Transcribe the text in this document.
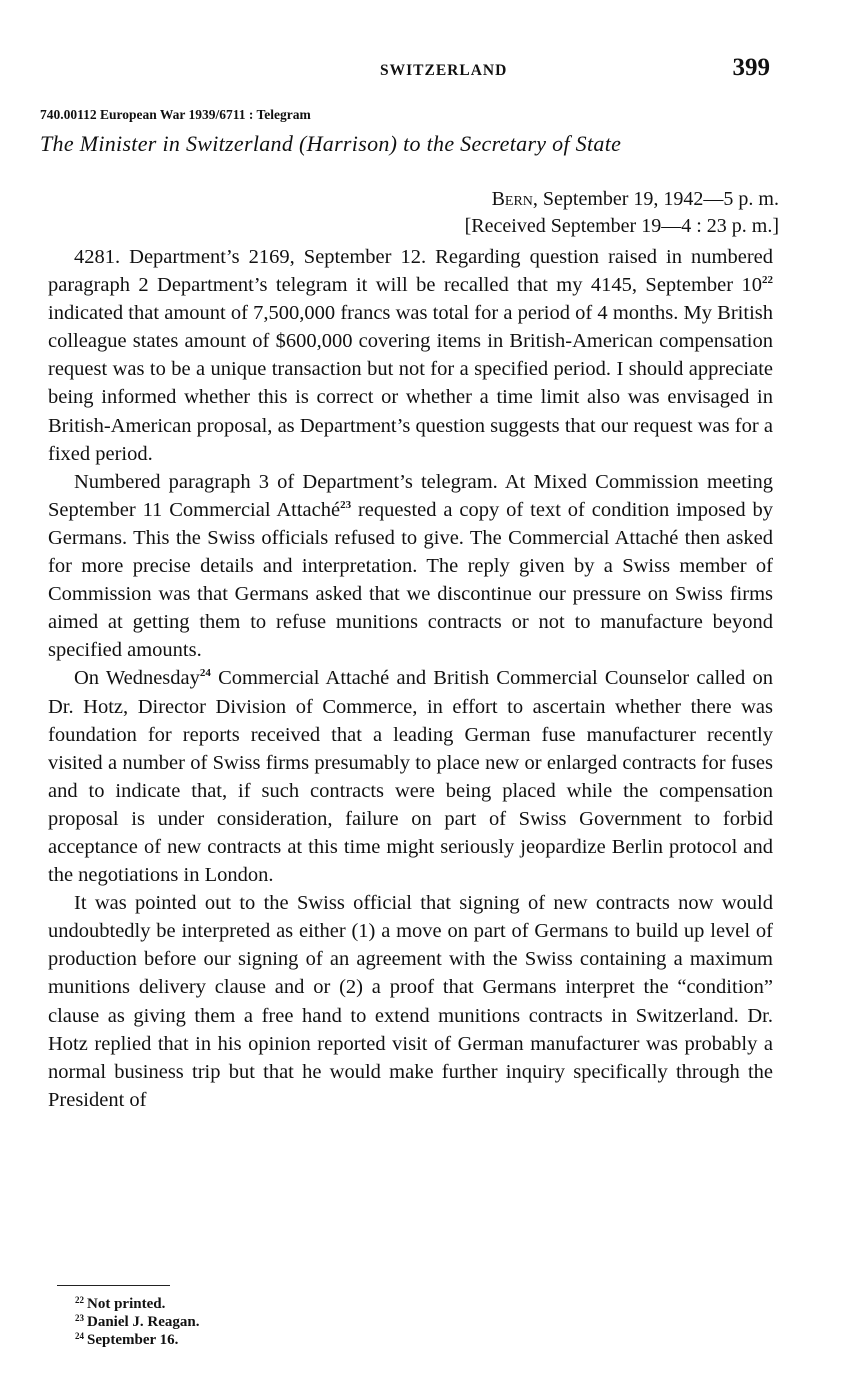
SWITZERLAND	399
740.00112 European War 1939/6711 : Telegram
The Minister in Switzerland (Harrison) to the Secretary of State
Bern, September 19, 1942—5 p. m.
[Received September 19—4 : 23 p. m.]

4281. Department’s 2169, September 12. Regarding question raised in numbered paragraph 2 Department’s telegram it will be recalled that my 4145, September $10^{22}$ indicated that amount of 7,500,000 francs was total for a period of 4 months. My British colleague states amount of $600,000 covering items in British-American compensation request was to be a unique transaction but not for a specified period. I should appreciate being informed whether this is correct or whether a time limit also was envisaged in British-American proposal, as Department’s question suggests that our request was for a fixed period.

Numbered paragraph 3 of Department’s telegram. At Mixed Commission meeting September 11 Commercial Attaché$^{23}$ requested a copy of text of condition imposed by Germans. This the Swiss officials refused to give. The Commercial Attaché then asked for more precise details and interpretation. The reply given by a Swiss member of Commission was that Germans asked that we discontinue our pressure on Swiss firms aimed at getting them to refuse munitions contracts or not to manufacture beyond specified amounts.

On Wednesday$^{24}$ Commercial Attaché and British Commercial Counselor called on Dr. Hotz, Director Division of Commerce, in effort to ascertain whether there was foundation for reports received that a leading German fuse manufacturer recently visited a number of Swiss firms presumably to place new or enlarged contracts for fuses and to indicate that, if such contracts were being placed while the compensation proposal is under consideration, failure on part of Swiss Government to forbid acceptance of new contracts at this time might seriously jeopardize Berlin protocol and the negotiations in London.

It was pointed out to the Swiss official that signing of new contracts now would undoubtedly be interpreted as either (1) a move on part of Germans to build up level of production before our signing of an agreement with the Swiss containing a maximum munitions delivery clause and or (2) a proof that Germans interpret the “condition” clause as giving them a free hand to extend munitions contracts in Switzerland. Dr. Hotz replied that in his opinion reported visit of German manufacturer was probably a normal business trip but that he would make further inquiry specifically through the President of

$^{22}$ Not printed.
$^{23}$ Daniel J. Reagan.
$^{24}$ September 16.
